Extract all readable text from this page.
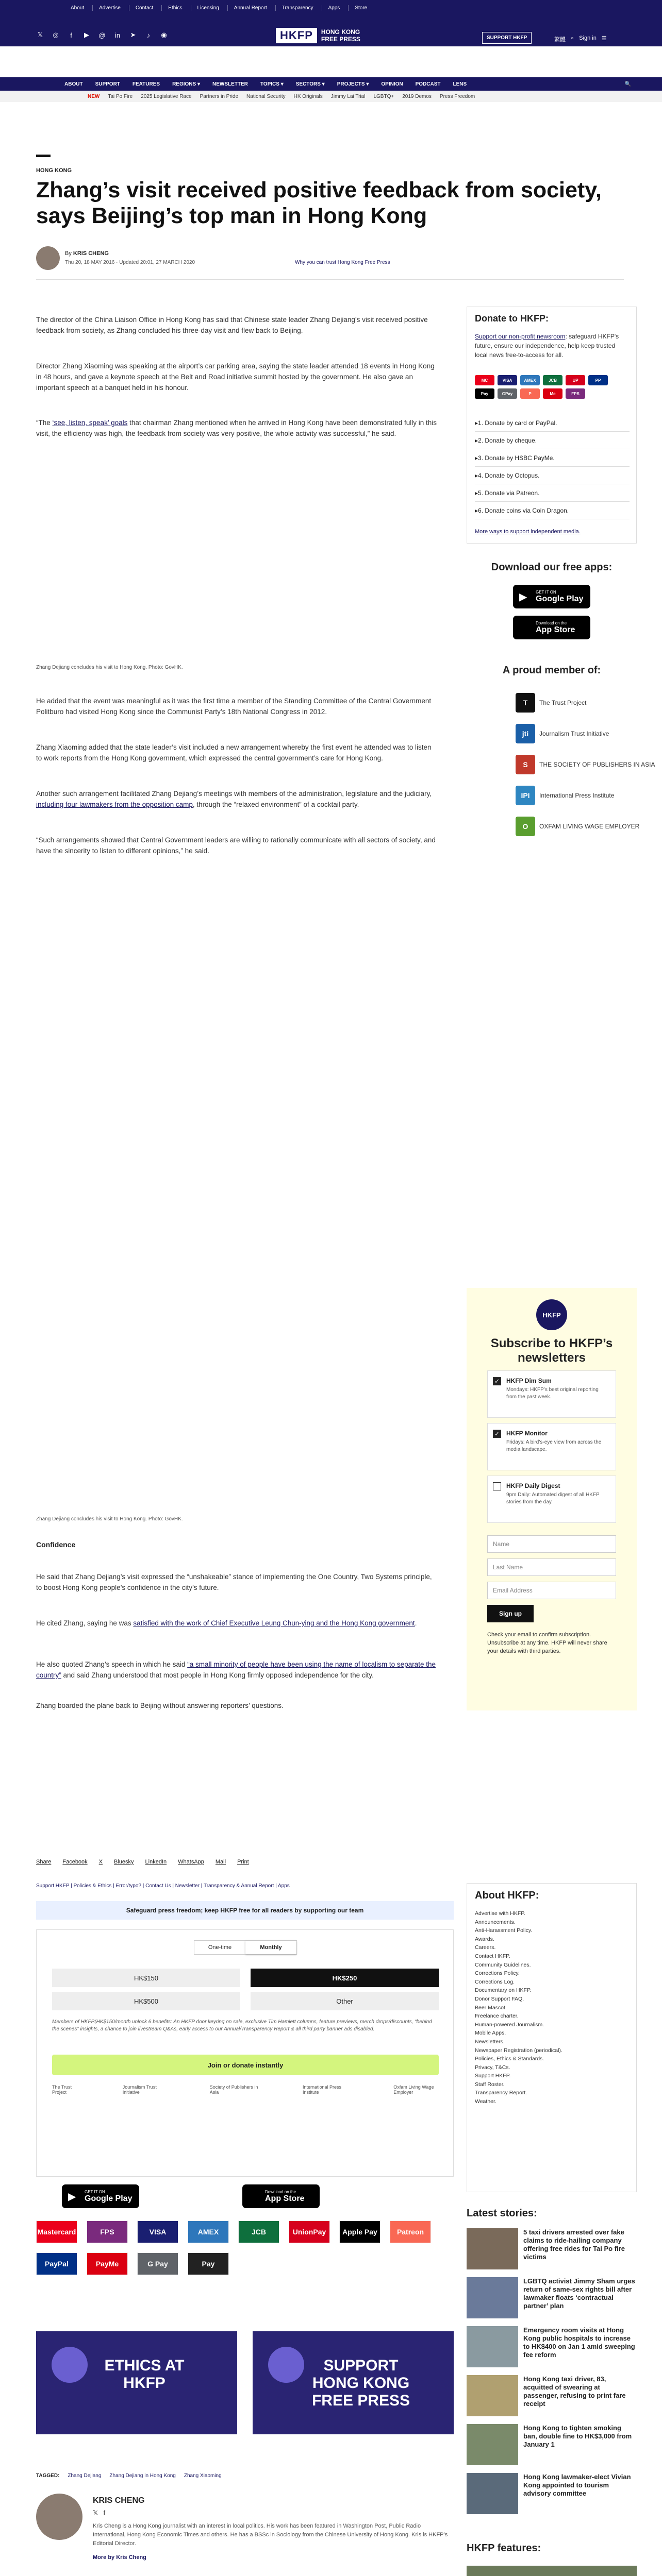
About	Advertise	Contact	Ethics	Licensing	Annual Report	Transparency	Apps	Store
𝕏 ◎	f	▶ @ in ➤	♪	◉	HKFP	HONG KONG
FREE PRESS	SUPPORT HKFP	繁體 ⌕ Sign in ☰
ABOUT SUPPORT FEATURES REGIONS ▾ NEWSLETTER TOPICS ▾ SECTORS ▾ PROJECTS ▾ OPINION PODCAST LENS	🔍
NEW Tai Po Fire 2025 Legislative Race Partners in Pride National Security HK Originals Jimmy Lai Trial LGBTQ+ 2019 Demos Press Freedom
HONG KONG
Zhang’s visit received positive feedback from society, says Beijing’s top man in Hong Kong
By KRIS CHENG
Thu 20, 18 MAY 2016 · Updated 20:01, 27 MARCH 2020	Why you can trust Hong Kong Free Press

The director of the China Liaison Office in Hong Kong has said that Chinese state leader Zhang Dejiang’s visit received positive feedback from society, as Zhang concluded his three-day visit and flew back to Beijing.

Director Zhang Xiaoming was speaking at the airport’s car parking area, saying the state leader attended 18 events in Hong Kong in 48 hours, and gave a keynote speech at the Belt and Road initiative summit hosted by the government. He also gave an important speech at a banquet held in his honour.

“The ‘see, listen, speak’ goals that chairman Zhang mentioned when he arrived in Hong Kong have been demonstrated fully in this visit, the efficiency was high, the feedback from society was very positive, the whole activity was successful,” he said.

Zhang Dejiang concludes his visit to Hong Kong. Photo: GovHK.

He added that the event was meaningful as it was the first time a member of the Standing Committee of the Central Government Politburo had visited Hong Kong since the Communist Party’s 18th National Congress in 2012.

Zhang Xiaoming added that the state leader’s visit included a new arrangement whereby the first event he attended was to listen to work reports from the Hong Kong government, which expressed the central government’s care for Hong Kong.

Another such arrangement facilitated Zhang Dejiang’s meetings with members of the administration, legislature and the judiciary, including four lawmakers from the opposition camp, through the “relaxed environment” of a cocktail party.

“Such arrangements showed that Central Government leaders are willing to rationally communicate with all sectors of society, and have the sincerity to listen to different opinions,” he said.

Zhang Dejiang concludes his visit to Hong Kong. Photo: GovHK.
Confidence

He said that Zhang Dejiang’s visit expressed the “unshakeable” stance of implementing the One Country, Two Systems principle, to boost Hong Kong people’s confidence in the city’s future.

He cited Zhang, saying he was satisfied with the work of Chief Executive Leung Chun-ying and the Hong Kong government.

He also quoted Zhang’s speech in which he said “a small minority of people have been using the name of localism to separate the country” and said Zhang understood that most people in Hong Kong firmly opposed independence for the city.

Zhang boarded the plane back to Beijing without answering reporters’ questions.

Share Facebook X Bluesky LinkedIn WhatsApp Mail Print
Support HKFP | Policies & Ethics | Error/typo? | Contact Us | Newsletter | Transparency & Annual Report | Apps
Safeguard press freedom; keep HKFP free for all readers by supporting our team
One-time	Monthly
HK$150	HK$250
HK$500	Other
Members of HKFP(HK$150/month unlock 6 benefits: An HKFP door keyring on sale, exclusive Tim Hamlett columns, feature previews, merch drops/discounts, “behind the scenes” insights, a chance to join livestream Q&As, early access to our Annual/Transparency Report & all third party banner ads disabled.
Join or donate instantly
The Trust Project
Journalism Trust Initiative
Society of Publishers in Asia
International Press Institute
Oxfam Living Wage Employer
▶ GET IT ON
Google Play
Download on the
App Store
Mastercard	FPS	VISA	AMEX	JCB	UnionPay	Apple Pay	Patreon
PayPal	PayMe	G Pay	Pay
ETHICS AT HKFP
SUPPORT HONG KONG FREE PRESS
TAGGED: Zhang Dejiang Zhang Dejiang in Hong Kong Zhang Xiaoming
KRIS CHENG
𝕏 f
Kris Cheng is a Hong Kong journalist with an interest in local politics. His work has been featured in Washington Post, Public Radio International, Hong Kong Economic Times and others. He has a BSSc in Sociology from the Chinese University of Hong Kong. Kris is HKFP’s Editorial Director.
More by Kris Cheng
Donate to HKFP:

Support our non-profit newsroom: safeguard HKFP's future, ensure our independence, help keep trusted local news free-to-access for all.

MC	VISA	AMEX	JCB	UP	PP
Pay	GPay	P	Me	FPS
▸ 1. Donate by card or PayPal.
▸ 2. Donate by cheque.
▸ 3. Donate by HSBC PayMe.
▸ 4. Donate by Octopus.
▸ 5. Donate via Patreon.
▸ 6. Donate coins via Coin Dragon.
More ways to support independent media.
Download our free apps:
▶ GET IT ON
Google Play
Download on the
App Store
A proud member of:
T	The Trust Project
jti	Journalism Trust Initiative
S	THE SOCIETY OF PUBLISHERS IN ASIA
IPI	International Press Institute
O	OXFAM LIVING WAGE EMPLOYER
HKFP
Subscribe to HKFP’s newsletters
✓ HKFP Dim Sum
Mondays: HKFP’s best original reporting from the past week.
✓ HKFP Monitor
Fridays: A bird’s-eye view from across the media landscape.
HKFP Daily Digest
9pm Daily: Automated digest of all HKFP stories from the day.
Name
Last Name
Email Address
Sign up
Check your email to confirm subscription. Unsubscribe at any time. HKFP will never share your details with third parties.
About HKFP:
Advertise with HKFP.
Announcements.
Anti-Harassment Policy.
Awards.
Careers.
Contact HKFP.
Community Guidelines.
Corrections Policy.
Corrections Log.
Documentary on HKFP.
Donor Support FAQ.
Beer Mascot.
Freelance charter.
Human-powered Journalism.
Mobile Apps.
Newsletters.
Newspaper Registration (periodical).
Policies, Ethics & Standards.
Privacy, T&Cs.
Support HKFP.
Staff Roster.
Transparency Report.
Weather.
Latest stories:
5 taxi drivers arrested over fake claims to ride-hailing company offering free rides for Tai Po fire victims
LGBTQ activist Jimmy Sham urges return of same-sex rights bill after lawmaker floats ‘contractual partner’ plan
Emergency room visits at Hong Kong public hospitals to increase to HK$400 on Jan 1 amid sweeping fee reform
Hong Kong taxi driver, 83, acquitted of swearing at passenger, refusing to print fare receipt
Hong Kong to tighten smoking ban, double fine to HK$3,000 from January 1
Hong Kong lawmaker-elect Vivian Kong appointed to tourism advisory committee
HKFP features:
